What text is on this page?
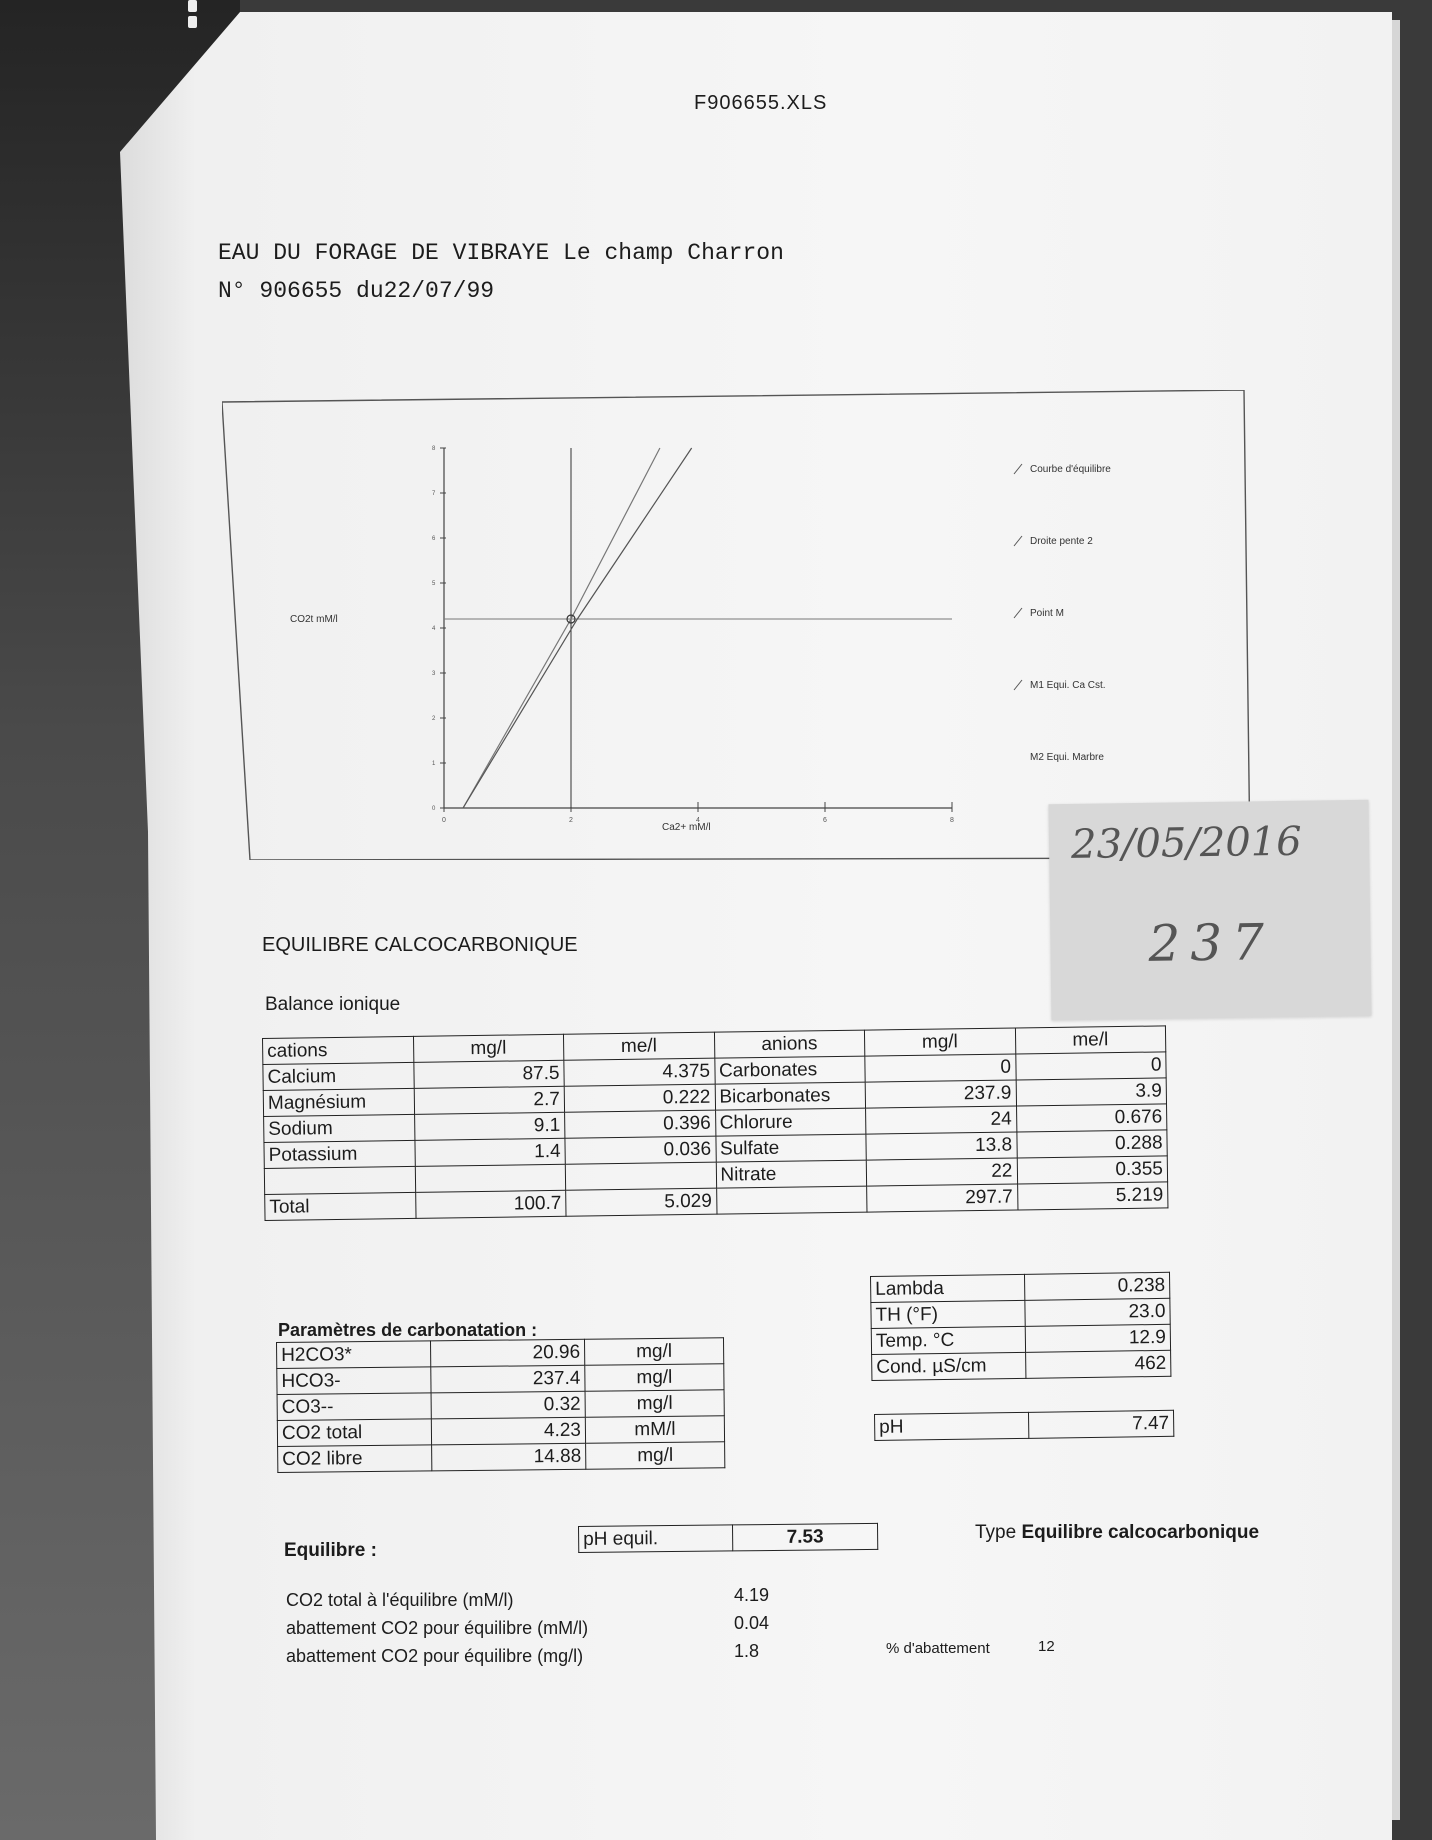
F906655.XLS
EAU DU FORAGE DE VIBRAYE Le champ Charron
N° 906655 du22/07/99
0	2	4	6	8
0
1
2
3
4
5
6
7
8
CO2t mM/l
Ca2+ mM/l
Courbe d'équilibre
Droite pente 2
Point M
M1 Equi. Ca Cst.
M2 Equi. Marbre
23/05/2016
237
EQUILIBRE CALCOCARBONIQUE
Balance ionique
cations	mg/l	me/l	anions	mg/l	me/l
Calcium	87.5	4.375	Carbonates	0	0
Magnésium	2.7	0.222	Bicarbonates	237.9	3.9
Sodium	9.1	0.396	Chlorure	24	0.676
Potassium	1.4	0.036	Sulfate	13.8	0.288
			Nitrate	22	0.355
Total	100.7	5.029		297.7	5.219
Paramètres de carbonatation :
H2CO3*	20.96	mg/l
HCO3-	237.4	mg/l
CO3--	0.32	mg/l
CO2 total	4.23	mM/l
CO2 libre	14.88	mg/l
Lambda	0.238
TH (°F)	23.0
Temp. °C	12.9
Cond. µS/cm	462
pH	7.47
Equilibre :
pH equil.	7.53	Type Equilibre calcocarbonique
CO2 total à l'équilibre (mM/l)	4.19
abattement CO2 pour équilibre (mM/l)	0.04
abattement CO2 pour équilibre (mg/l)	1.8	% d'abattement	12
